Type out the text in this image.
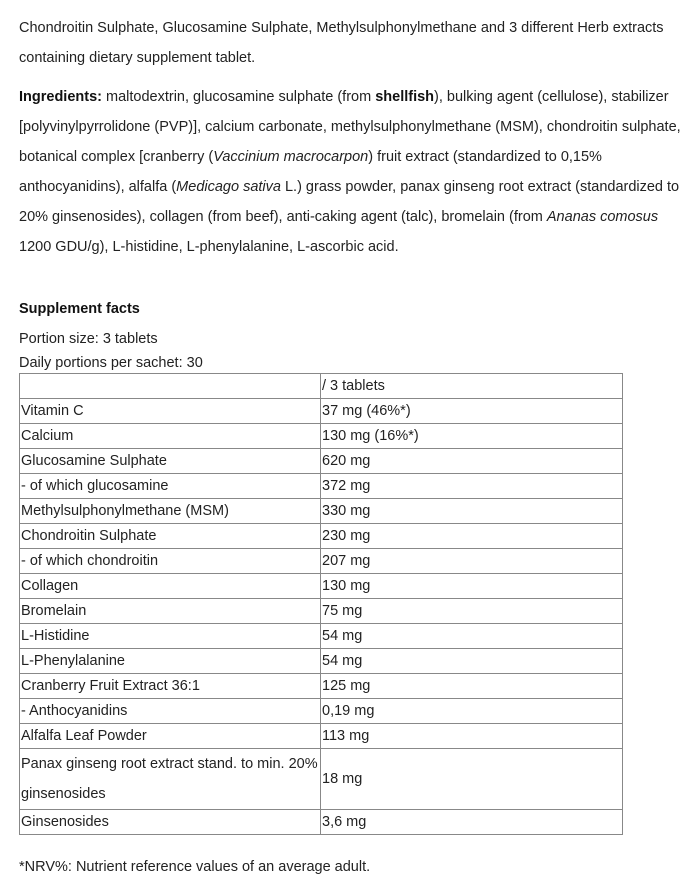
Chondroitin Sulphate, Glucosamine Sulphate, Methylsulphonylmethane and 3 different Herb extracts containing dietary supplement tablet.
Ingredients: maltodextrin, glucosamine sulphate (from shellfish), bulking agent (cellulose), stabilizer [polyvinylpyrrolidone (PVP)], calcium carbonate, methylsulphonylmethane (MSM), chondroitin sulphate, botanical complex [cranberry (Vaccinium macrocarpon) fruit extract (standardized to 0,15% anthocyanidins), alfalfa (Medicago sativa L.) grass powder, panax ginseng root extract (standardized to 20% ginsenosides), collagen (from beef), anti-caking agent (talc), bromelain (from Ananas comosus 1200 GDU/g), L-histidine, L-phenylalanine, L-ascorbic acid.
Supplement facts
Portion size: 3 tablets
Daily portions per sachet: 30
	/ 3 tablets
Vitamin C	37 mg (46%*)
Calcium	130 mg (16%*)
Glucosamine Sulphate	620 mg
- of which glucosamine	372 mg
Methylsulphonylmethane (MSM)	330 mg
Chondroitin Sulphate	230 mg
- of which chondroitin	207 mg
Collagen	130 mg
Bromelain	75 mg
L-Histidine	54 mg
L-Phenylalanine	54 mg
Cranberry Fruit Extract 36:1	125 mg
- Anthocyanidins	0,19 mg
Alfalfa Leaf Powder	113 mg
Panax ginseng root extract stand. to min. 20% ginsenosides	18 mg
Ginsenosides	3,6 mg
*NRV%: Nutrient reference values of an average adult.
